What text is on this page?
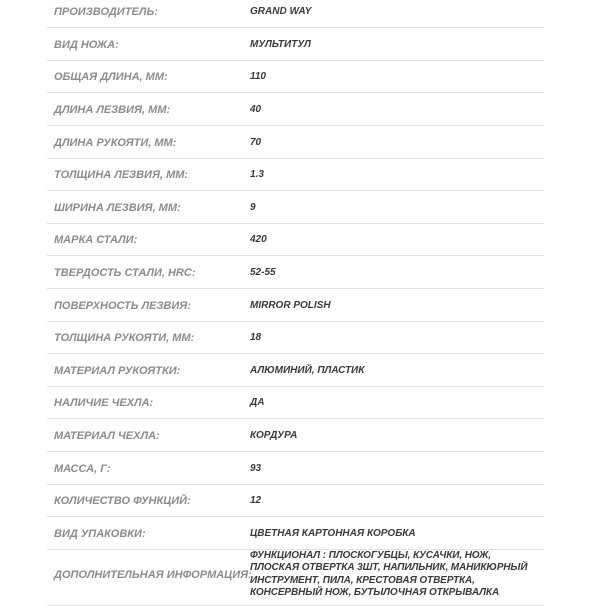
ПРОИЗВОДИТЕЛЬ:	GRAND WAY
ВИД НОЖА:	МУЛЬТИТУЛ
ОБЩАЯ ДЛИНА, ММ:	110
ДЛИНА ЛЕЗВИЯ, ММ:	40
ДЛИНА РУКОЯТИ, ММ:	70
ТОЛЩИНА ЛЕЗВИЯ, ММ:	1.3
ШИРИНА ЛЕЗВИЯ, ММ:	9
МАРКА СТАЛИ:	420
ТВЕРДОСТЬ СТАЛИ, HRC:	52-55
ПОВЕРХНОСТЬ ЛЕЗВИЯ:	MIRROR POLISH
ТОЛЩИНА РУКОЯТИ, ММ:	18
МАТЕРИАЛ РУКОЯТКИ:	АЛЮМИНИЙ, ПЛАСТИК
НАЛИЧИЕ ЧЕХЛА:	ДА
МАТЕРИАЛ ЧЕХЛА:	КОРДУРА
МАССА, Г:	93
КОЛИЧЕСТВО ФУНКЦИЙ:	12
ВИД УПАКОВКИ:	ЦВЕТНАЯ КАРТОННАЯ КОРОБКА
ДОПОЛНИТЕЛЬНАЯ ИНФОРМАЦИЯ:
ФУНКЦИОНАЛ : ПЛОСКОГУБЦЫ, КУСАЧКИ, НОЖ, ПЛОСКАЯ ОТВЕРТКА 3ШТ, НАПИЛЬНИК, МАНИКЮРНЫЙ ИНСТРУМЕНТ, ПИЛА, КРЕСТОВАЯ ОТВЕРТКА, КОНСЕРВНЫЙ НОЖ, БУТЫЛОЧНАЯ ОТКРЫВАЛКА
